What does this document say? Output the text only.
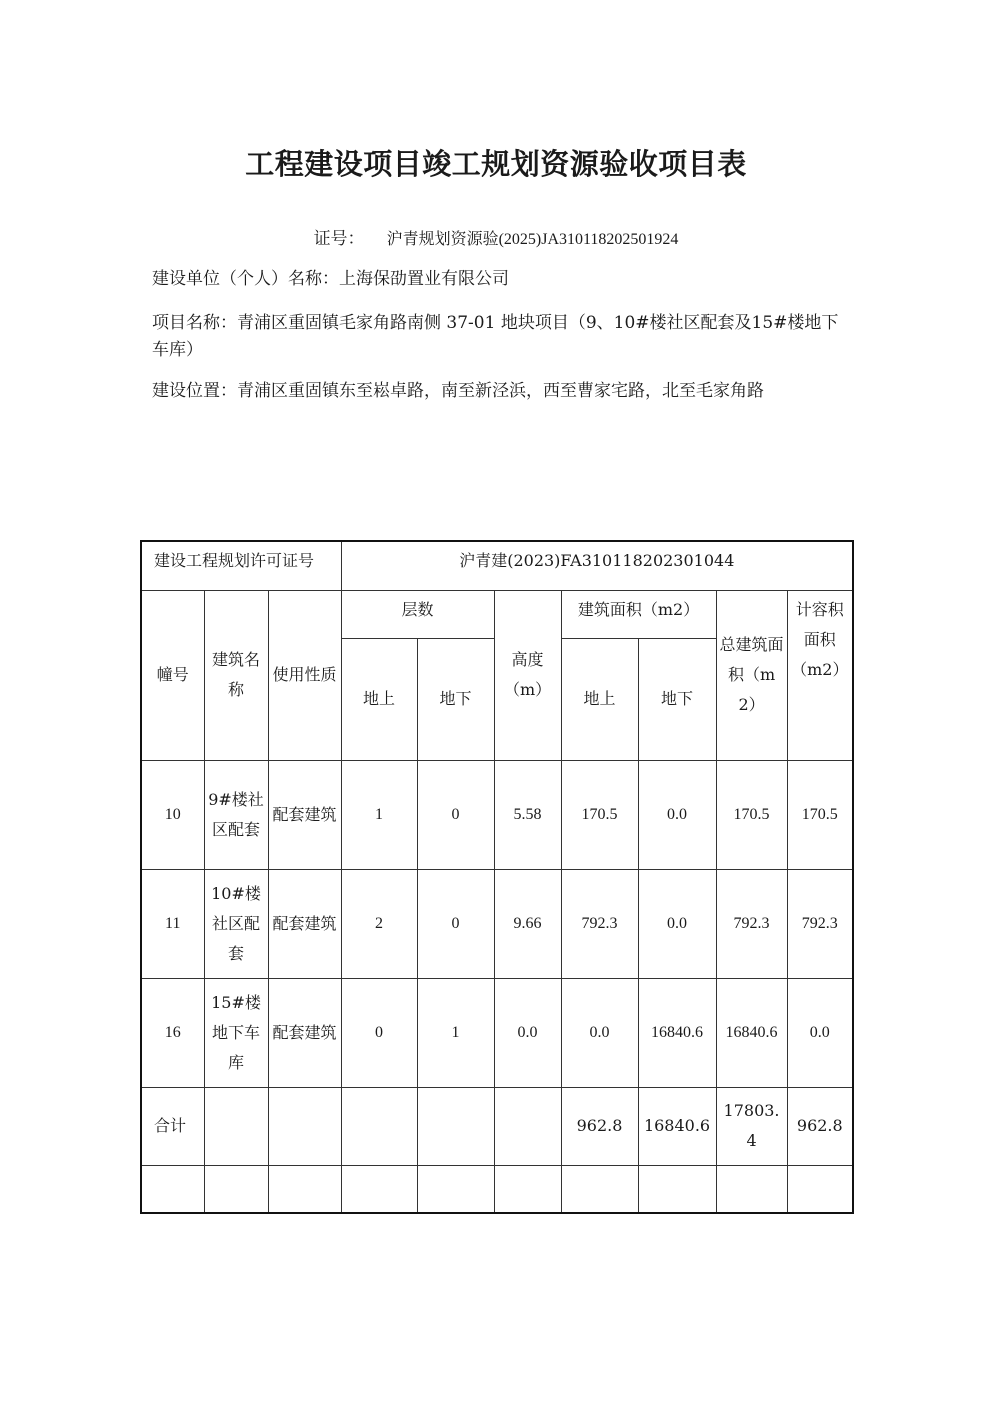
工程建设项目竣工规划资源验收项目表
证号： 沪青规划资源验(2025)JA310118202501924
建设单位（个人）名称：上海保劭置业有限公司
项目名称：青浦区重固镇毛家角路南侧 37-01 地块项目（9、10#楼社区配套及15#楼地下车库）
建设位置：青浦区重固镇东至崧卓路，南至新泾浜，西至曹家宅路，北至毛家角路
建设工程规划许可证号			沪青建(2023)FA310118202301044						
幢号	建筑名称	使用性质	层数		高度（m）	建筑面积（m2）		总建筑面积（m2）	计容积面积（m2）
			地上	地下		地上	地下		
10	9#楼社区配套	配套建筑	1	0	5.58	170.5	0.0	170.5	170.5
11	10#楼社区配套	配套建筑	2	0	9.66	792.3	0.0	792.3	792.3
16	15#楼地下车库	配套建筑	0	1	0.0	0.0	16840.6	16840.6	0.0
合计						962.8	16840.6	17803.4	962.8
